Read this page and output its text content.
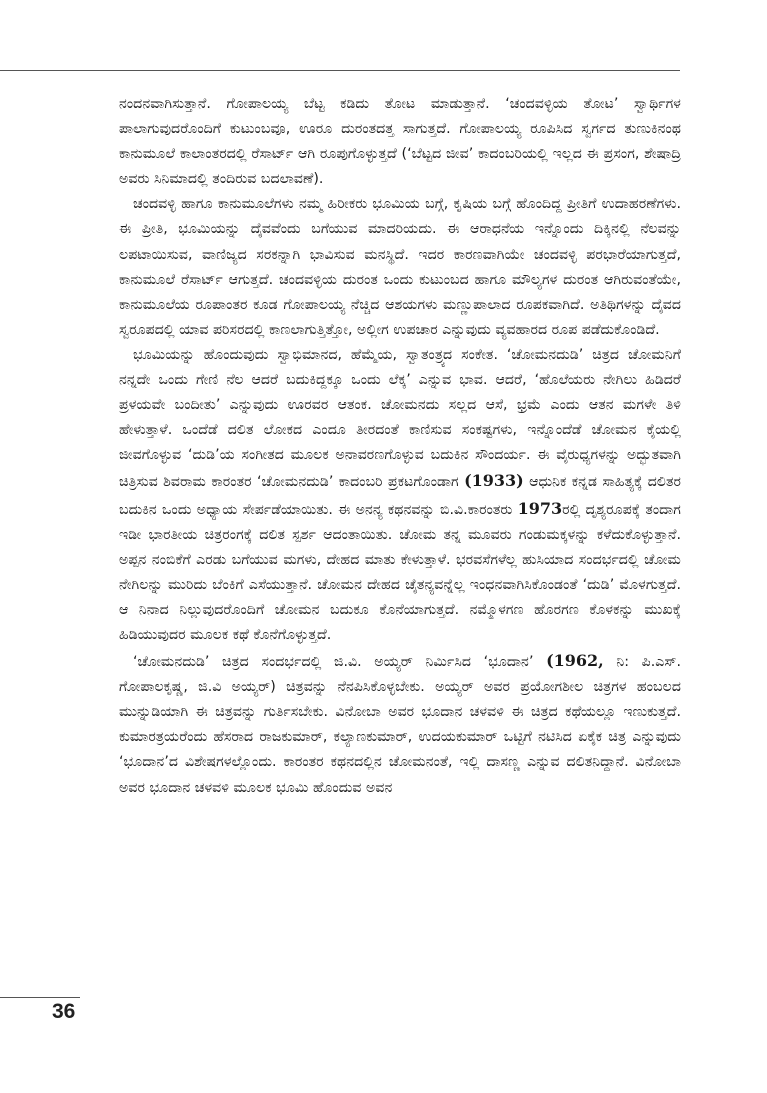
ನಂದನವಾಗಿಸುತ್ತಾನೆ. ಗೋಪಾಲಯ್ಯ ಬೆಟ್ಟ ಕಡಿದು ತೋಟ ಮಾಡುತ್ತಾನೆ. ‘ಚಂದವಳ್ಳಿಯ ತೋಟ’ ಸ್ವಾರ್ಥಿಗಳ ಪಾಲಾಗುವುದರೊಂದಿಗೆ ಕುಟುಂಬವೂ, ಊರೂ ದುರಂತದತ್ತ ಸಾಗುತ್ತದೆ. ಗೋಪಾಲಯ್ಯ ರೂಪಿಸಿದ ಸ್ವರ್ಗದ ತುಣುಕಿನಂಥ ಕಾನುಮೂಲೆ ಕಾಲಾಂತರದಲ್ಲಿ ರೆಸಾರ್ಟ್ ಆಗಿ ರೂಪುಗೊಳ್ಳುತ್ತದೆ (‘ಬೆಟ್ಟದ ಜೀವ’ ಕಾದಂಬರಿಯಲ್ಲಿ ಇಲ್ಲದ ಈ ಪ್ರಸಂಗ, ಶೇಷಾದ್ರಿ ಅವರು ಸಿನಿಮಾದಲ್ಲಿ ತಂದಿರುವ ಬದಲಾವಣೆ).

ಚಂದವಳ್ಳಿ ಹಾಗೂ ಕಾನುಮೂಲೆಗಳು ನಮ್ಮ ಹಿರೀಕರು ಭೂಮಿಯ ಬಗ್ಗೆ, ಕೃಷಿಯ ಬಗ್ಗೆ ಹೊಂದಿದ್ದ ಪ್ರೀತಿಗೆ ಉದಾಹರಣೆಗಳು. ಈ ಪ್ರೀತಿ, ಭೂಮಿಯನ್ನು ದೈವವೆಂದು ಬಗೆಯುವ ಮಾದರಿಯದು. ಈ ಆರಾಧನೆಯ ಇನ್ನೊಂದು ದಿಕ್ಕಿನಲ್ಲಿ ನೆಲವನ್ನು ಲಪಟಾಯಿಸುವ, ವಾಣಿಜ್ಯದ ಸರಕನ್ನಾಗಿ ಭಾವಿಸುವ ಮನಸ್ಥಿದೆ. ಇದರ ಕಾರಣವಾಗಿಯೇ ಚಂದವಳ್ಳಿ ಪರಭಾರೆಯಾಗುತ್ತದೆ, ಕಾನುಮೂಲೆ ರೆಸಾರ್ಟ್ ಆಗುತ್ತದೆ. ಚಂದವಳ್ಳಿಯ ದುರಂತ ಒಂದು ಕುಟುಂಬದ ಹಾಗೂ ಮೌಲ್ಯಗಳ ದುರಂತ ಆಗಿರುವಂತೆಯೇ, ಕಾನುಮೂಲೆಯ ರೂಪಾಂತರ ಕೂಡ ಗೋಪಾಲಯ್ಯ ನೆಚ್ಚಿದ ಆಶಯಗಳು ಮಣ್ಣುಪಾಲಾದ ರೂಪಕವಾಗಿದೆ. ಅತಿಥಿಗಳನ್ನು ದೈವದ ಸ್ವರೂಪದಲ್ಲಿ ಯಾವ ಪರಿಸರದಲ್ಲಿ ಕಾಣಲಾಗುತ್ತಿತ್ತೋ, ಅಲ್ಲೀಗ ಉಪಚಾರ ಎನ್ನುವುದು ವ್ಯವಹಾರದ ರೂಪ ಪಡೆದುಕೊಂಡಿದೆ.

ಭೂಮಿಯನ್ನು ಹೊಂದುವುದು ಸ್ವಾಭಿಮಾನದ, ಹೆಮ್ಮೆಯ, ಸ್ವಾತಂತ್ರ್ಯದ ಸಂಕೇತ. ‘ಚೋಮನದುಡಿ’ ಚಿತ್ರದ ಚೋಮನಿಗೆ ನನ್ನದೇ ಒಂದು ಗೇಣಿ ನೆಲ ಆದರೆ ಬದುಕಿದ್ದಕ್ಕೂ ಒಂದು ಲೆಕ್ಕ’ ಎನ್ನುವ ಭಾವ. ಆದರೆ, ‘ಹೊಲೆಯರು ನೇಗಿಲು ಹಿಡಿದರೆ ಪ್ರಳಯವೇ ಬಂದೀತು’ ಎನ್ನುವುದು ಊರವರ ಆತಂಕ. ಚೋಮನದು ಸಲ್ಲದ ಆಸೆ, ಭ್ರಮೆ ಎಂದು ಆತನ ಮಗಳೇ ತಿಳಿ ಹೇಳುತ್ತಾಳೆ. ಒಂದೆಡೆ ದಲಿತ ಲೋಕದ ಎಂದೂ ತೀರದಂತೆ ಕಾಣಿಸುವ ಸಂಕಷ್ಟಗಳು, ಇನ್ನೊಂದೆಡೆ ಚೋಮನ ಕೈಯಲ್ಲಿ ಜೀವಗೊಳ್ಳುವ ‘ದುಡಿ’ಯ ಸಂಗೀತದ ಮೂಲಕ ಅನಾವರಣಗೊಳ್ಳುವ ಬದುಕಿನ ಸೌಂದರ್ಯ. ಈ ವೈರುಧ್ಯಗಳನ್ನು ಅದ್ಭುತವಾಗಿ ಚಿತ್ರಿಸುವ ಶಿವರಾಮ ಕಾರಂತರ ‘ಚೋಮನದುಡಿ’ ಕಾದಂಬರಿ ಪ್ರಕಟಗೊಂಡಾಗ (1933) ಆಧುನಿಕ ಕನ್ನಡ ಸಾಹಿತ್ಯಕ್ಕೆ ದಲಿತರ ಬದುಕಿನ ಒಂದು ಅಧ್ಯಾಯ ಸೇರ್ಪಡೆಯಾಯಿತು. ಈ ಅನನ್ಯ ಕಥನವನ್ನು ಬಿ.ವಿ.ಕಾರಂತರು 1973ರಲ್ಲಿ ದೃಶ್ಯರೂಪಕ್ಕೆ ತಂದಾಗ ಇಡೀ ಭಾರತೀಯ ಚಿತ್ರರಂಗಕ್ಕೆ ದಲಿತ ಸ್ಪರ್ಶ ಆದಂತಾಯಿತು. ಚೋಮ ತನ್ನ ಮೂವರು ಗಂಡುಮಕ್ಕಳನ್ನು ಕಳೆದುಕೊಳ್ಳುತ್ತಾನೆ. ಅಪ್ಪನ ನಂಬಿಕೆಗೆ ಎರಡು ಬಗೆಯುವ ಮಗಳು, ದೇಹದ ಮಾತು ಕೇಳುತ್ತಾಳೆ. ಭರವಸೆಗಳೆಲ್ಲ ಹುಸಿಯಾದ ಸಂದರ್ಭದಲ್ಲಿ ಚೋಮ ನೇಗಿಲನ್ನು ಮುರಿದು ಬೆಂಕಿಗೆ ಎಸೆಯುತ್ತಾನೆ. ಚೋಮನ ದೇಹದ ಚೈತನ್ಯವನ್ನೆಲ್ಲ ಇಂಧನವಾಗಿಸಿಕೊಂಡಂತೆ ‘ದುಡಿ’ ಮೊಳಗುತ್ತದೆ. ಆ ನಿನಾದ ನಿಲ್ಲುವುದರೊಂದಿಗೆ ಚೋಮನ ಬದುಕೂ ಕೊನೆಯಾಗುತ್ತದೆ. ನಮ್ಮೊಳಗಣ ಹೊರಗಣ ಕೊಳಕನ್ನು ಮುಖಕ್ಕೆ ಹಿಡಿಯುವುದರ ಮೂಲಕ ಕಥೆ ಕೊನೆಗೊಳ್ಳುತ್ತದೆ.

‘ಚೋಮನದುಡಿ’ ಚಿತ್ರದ ಸಂದರ್ಭದಲ್ಲಿ ಜಿ.ವಿ. ಅಯ್ಯರ್ ನಿರ್ಮಿಸಿದ ‘ಭೂದಾನ’ (1962, ನಿ: ಪಿ.ಎಸ್. ಗೋಪಾಲಕೃಷ್ಣ, ಜಿ.ವಿ ಅಯ್ಯರ್) ಚಿತ್ರವನ್ನು ನೆನಪಿಸಿಕೊಳ್ಳಬೇಕು. ಅಯ್ಯರ್ ಅವರ ಪ್ರಯೋಗಶೀಲ ಚಿತ್ರಗಳ ಹಂಬಲದ ಮುನ್ನುಡಿಯಾಗಿ ಈ ಚಿತ್ರವನ್ನು ಗುರ್ತಿಸಬೇಕು. ವಿನೋಬಾ ಅವರ ಭೂದಾನ ಚಳವಳಿ ಈ ಚಿತ್ರದ ಕಥೆಯಲ್ಲೂ ಇಣುಕುತ್ತದೆ. ಕುಮಾರತ್ರಯರೆಂದು ಹೆಸರಾದ ರಾಜಕುಮಾರ್, ಕಲ್ಯಾಣಕುಮಾರ್, ಉದಯಕುಮಾರ್ ಒಟ್ಟಿಗೆ ನಟಿಸಿದ ಏಕೈಕ ಚಿತ್ರ ಎನ್ನುವುದು ‘ಭೂದಾನ’ದ ವಿಶೇಷಗಳಲ್ಲೊಂದು. ಕಾರಂತರ ಕಥನದಲ್ಲಿನ ಚೋಮನಂತೆ, ಇಲ್ಲಿ ದಾಸಣ್ಣ ಎನ್ನುವ ದಲಿತನಿದ್ದಾನೆ. ವಿನೋಬಾ ಅವರ ಭೂದಾನ ಚಳವಳಿ ಮೂಲಕ ಭೂಮಿ ಹೊಂದುವ ಅವನ

36
